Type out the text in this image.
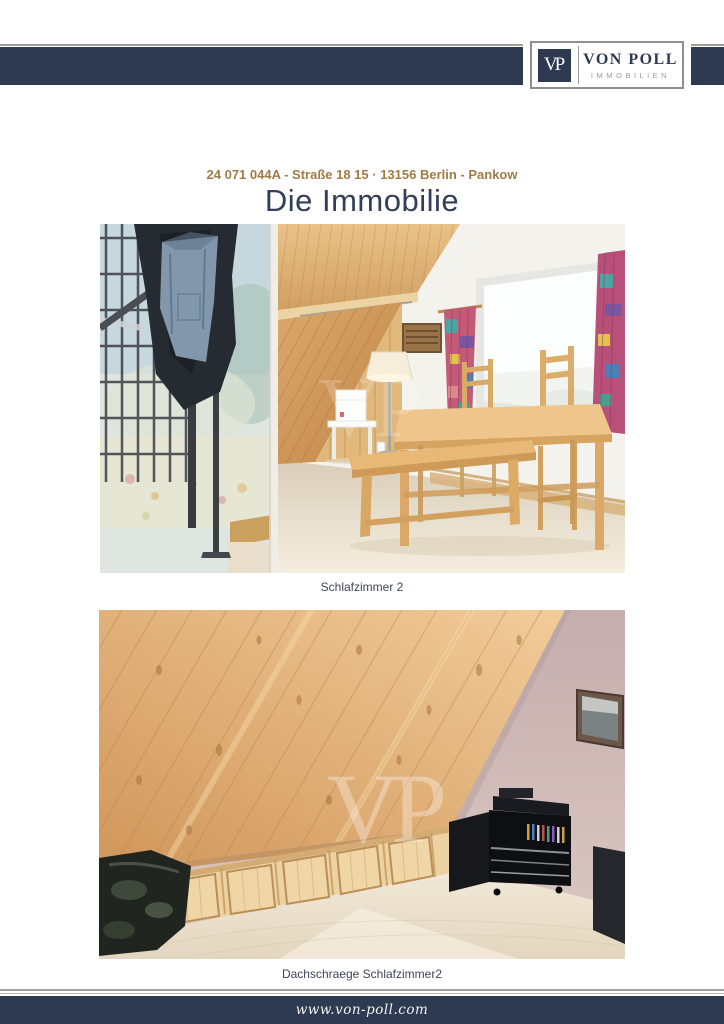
VP VON POLL
IMMOBILIEN
24 071 044A - Straße 18 15 · 13156 Berlin - Pankow
Die Immobilie
VP
Schlafzimmer 2
VP
Dachschraege Schlafzimmer2
www.von-poll.com
